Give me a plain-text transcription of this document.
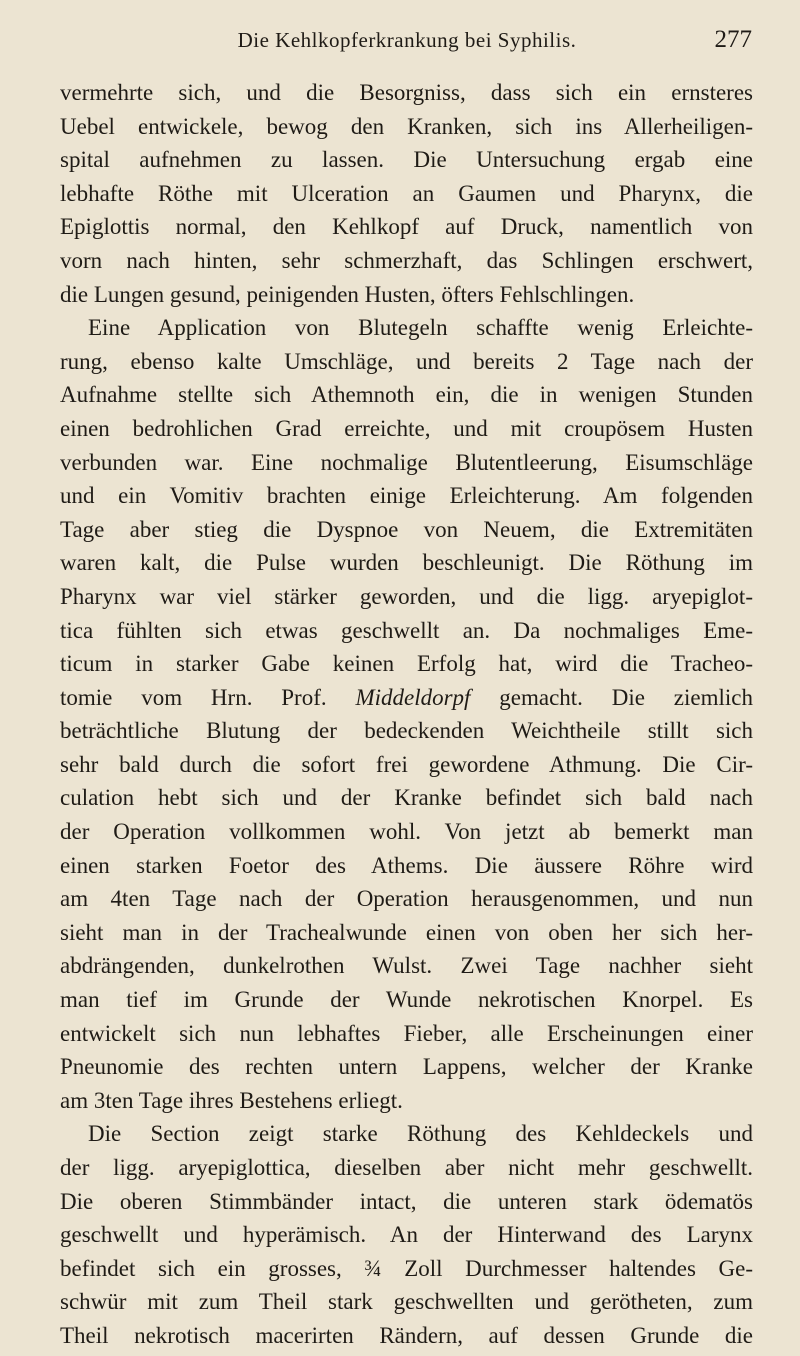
Die Kehlkopferkrankung bei Syphilis.	277
vermehrte sich, und die Besorgniss, dass sich ein ernsteres
Uebel entwickele, bewog den Kranken, sich ins Allerheiligen-
spital aufnehmen zu lassen. Die Untersuchung ergab eine
lebhafte Röthe mit Ulceration an Gaumen und Pharynx, die
Epiglottis normal, den Kehlkopf auf Druck, namentlich von
vorn nach hinten, sehr schmerzhaft, das Schlingen erschwert,
die Lungen gesund, peinigenden Husten, öfters Fehlschlingen.
Eine Application von Blutegeln schaffte wenig Erleichte-
rung, ebenso kalte Umschläge, und bereits 2 Tage nach der
Aufnahme stellte sich Athemnoth ein, die in wenigen Stunden
einen bedrohlichen Grad erreichte, und mit croupösem Husten
verbunden war. Eine nochmalige Blutentleerung, Eisumschläge
und ein Vomitiv brachten einige Erleichterung. Am folgenden
Tage aber stieg die Dyspnoe von Neuem, die Extremitäten
waren kalt, die Pulse wurden beschleunigt. Die Röthung im
Pharynx war viel stärker geworden, und die ligg. aryepiglot-
tica fühlten sich etwas geschwellt an. Da nochmaliges Eme-
ticum in starker Gabe keinen Erfolg hat, wird die Tracheo-
tomie vom Hrn. Prof. Middeldorpf gemacht. Die ziemlich
beträchtliche Blutung der bedeckenden Weichtheile stillt sich
sehr bald durch die sofort frei gewordene Athmung. Die Cir-
culation hebt sich und der Kranke befindet sich bald nach
der Operation vollkommen wohl. Von jetzt ab bemerkt man
einen starken Foetor des Athems. Die äussere Röhre wird
am 4ten Tage nach der Operation herausgenommen, und nun
sieht man in der Trachealwunde einen von oben her sich her-
abdrängenden, dunkelrothen Wulst. Zwei Tage nachher sieht
man tief im Grunde der Wunde nekrotischen Knorpel. Es
entwickelt sich nun lebhaftes Fieber, alle Erscheinungen einer
Pneunomie des rechten untern Lappens, welcher der Kranke
am 3ten Tage ihres Bestehens erliegt.
Die Section zeigt starke Röthung des Kehldeckels und
der ligg. aryepiglottica, dieselben aber nicht mehr geschwellt.
Die oberen Stimmbänder intact, die unteren stark ödematös
geschwellt und hyperämisch. An der Hinterwand des Larynx
befindet sich ein grosses, ¾ Zoll Durchmesser haltendes Ge-
schwür mit zum Theil stark geschwellten und gerötheten, zum
Theil nekrotisch macerirten Rändern, auf dessen Grunde die
